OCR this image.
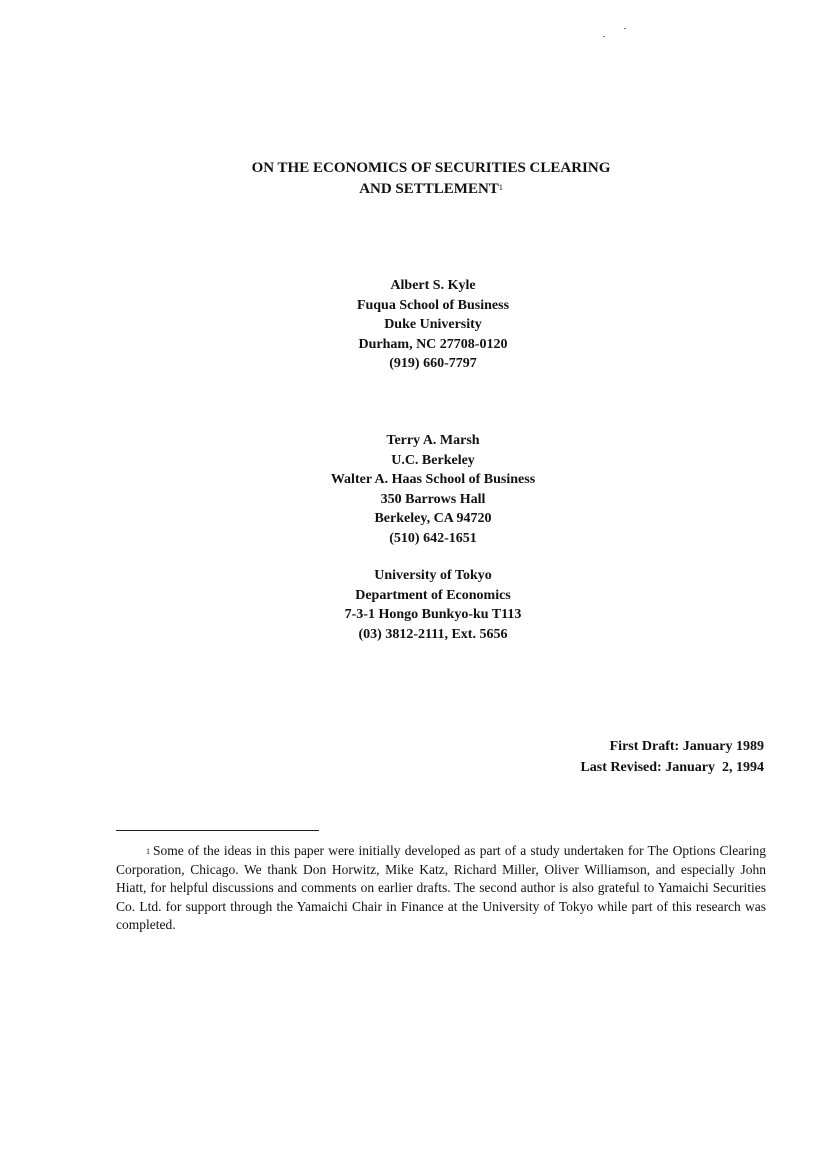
ON THE ECONOMICS OF SECURITIES CLEARING
AND SETTLEMENT$^1$
Albert S. Kyle
Fuqua School of Business
Duke University
Durham, NC 27708-0120
(919) 660-7797
Terry A. Marsh
U.C. Berkeley
Walter A. Haas School of Business
350 Barrows Hall
Berkeley, CA 94720
(510) 642-1651
University of Tokyo
Department of Economics
7-3-1 Hongo Bunkyo-ku T113
(03) 3812-2111, Ext. 5656
First Draft: January 1989
Last Revised: January  2, 1994
$^1$ Some of the ideas in this paper were initially developed as part of a study undertaken for The Options Clearing Corporation, Chicago. We thank Don Horwitz, Mike Katz, Richard Miller, Oliver Williamson, and especially John Hiatt, for helpful discussions and comments on earlier drafts. The second author is also grateful to Yamaichi Securities Co. Ltd. for support through the Yamaichi Chair in Finance at the University of Tokyo while part of this research was completed.
